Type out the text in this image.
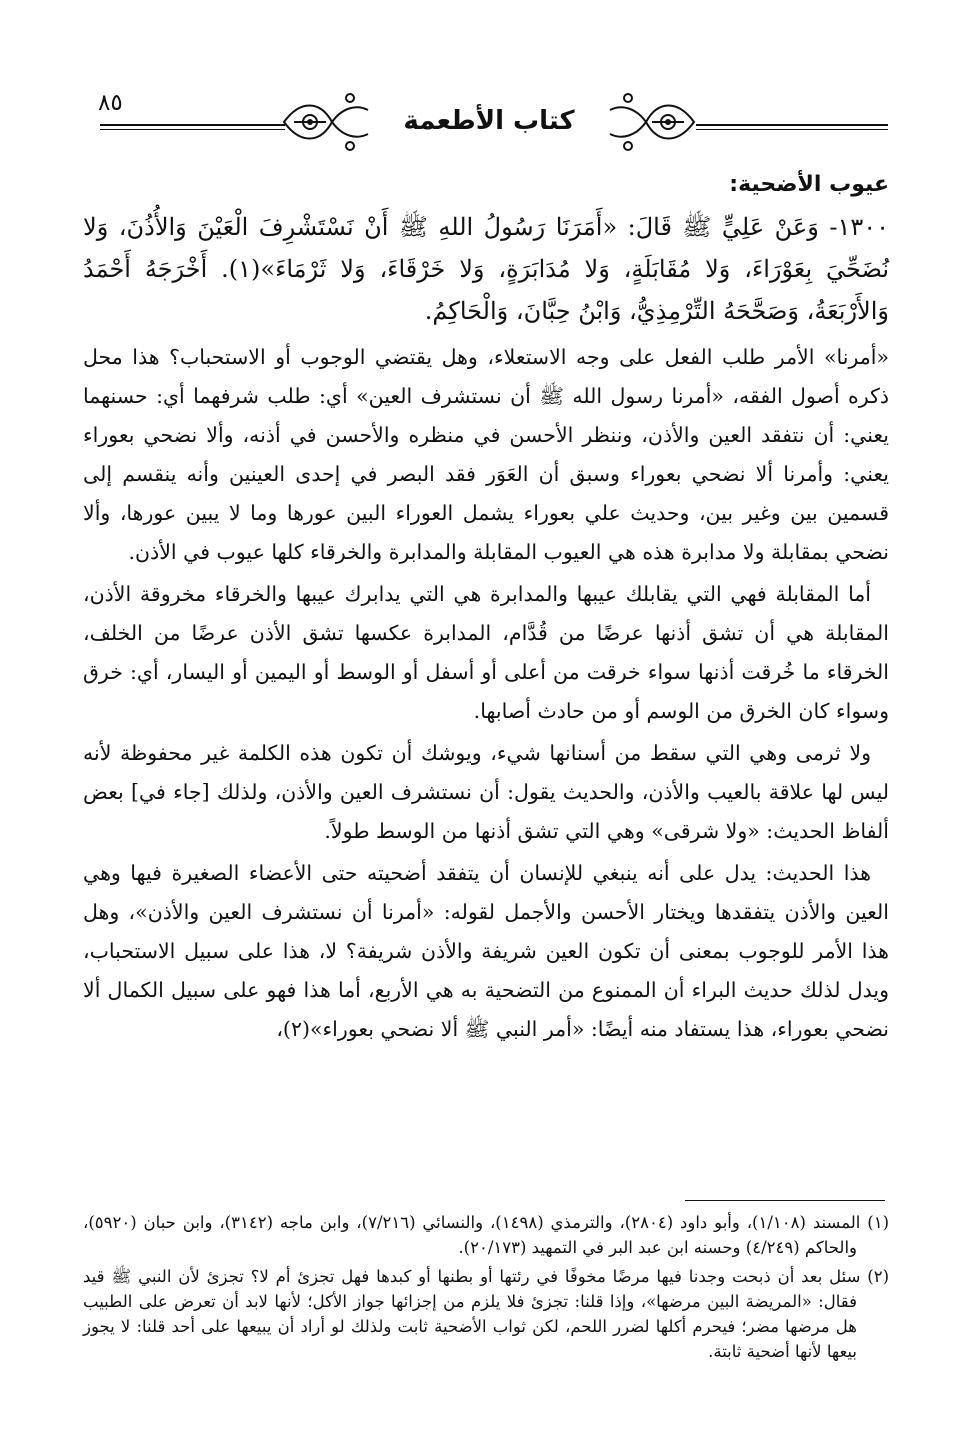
٨٥
كتاب الأطعمة

عيوب الأضحية:

١٣٠٠- وَعَنْ عَلِيٍّ ﷺ قَالَ: «أَمَرَنَا رَسُولُ اللهِ ﷺ أَنْ نَسْتَشْرِفَ الْعَيْنَ وَالأُذُنَ، وَلا نُضَحِّيَ بِعَوْرَاءَ، وَلا مُقَابَلَةٍ، وَلا مُدَابَرَةٍ، وَلا خَرْقَاءَ، وَلا ثَرْمَاءَ»(١). أَخْرَجَهُ أَحْمَدُ وَالأَرْبَعَةُ، وَصَحَّحَهُ التِّرْمِذِيُّ، وَابْنُ حِبَّانَ، وَالْحَاكِمُ.

«أمرنا» الأمر طلب الفعل على وجه الاستعلاء، وهل يقتضي الوجوب أو الاستحباب؟ هذا محل ذكره أصول الفقه، «أمرنا رسول الله ﷺ أن نستشرف العين» أي: طلب شرفهما أي: حسنهما يعني: أن نتفقد العين والأذن، وننظر الأحسن في منظره والأحسن في أذنه، وألا نضحي بعوراء يعني: وأمرنا ألا نضحي بعوراء وسبق أن العَوَر فقد البصر في إحدى العينين وأنه ينقسم إلى قسمين بين وغير بين، وحديث علي بعوراء يشمل العوراء البين عورها وما لا يبين عورها، وألا نضحي بمقابلة ولا مدابرة هذه هي العيوب المقابلة والمدابرة والخرقاء كلها عيوب في الأذن.

أما المقابلة فهي التي يقابلك عيبها والمدابرة هي التي يدابرك عيبها والخرقاء مخروقة الأذن، المقابلة هي أن تشق أذنها عرضًا من قُدَّام، المدابرة عكسها تشق الأذن عرضًا من الخلف، الخرقاء ما خُرقت أذنها سواء خرقت من أعلى أو أسفل أو الوسط أو اليمين أو اليسار، أي: خرق وسواء كان الخرق من الوسم أو من حادث أصابها.

ولا ثرمى وهي التي سقط من أسنانها شيء، ويوشك أن تكون هذه الكلمة غير محفوظة لأنه ليس لها علاقة بالعيب والأذن، والحديث يقول: أن نستشرف العين والأذن، ولذلك [جاء في] بعض ألفاظ الحديث: «ولا شرقى» وهي التي تشق أذنها من الوسط طولاً.

هذا الحديث: يدل على أنه ينبغي للإنسان أن يتفقد أضحيته حتى الأعضاء الصغيرة فيها وهي العين والأذن يتفقدها ويختار الأحسن والأجمل لقوله: «أمرنا أن نستشرف العين والأذن»، وهل هذا الأمر للوجوب بمعنى أن تكون العين شريفة والأذن شريفة؟ لا، هذا على سبيل الاستحباب، ويدل لذلك حديث البراء أن الممنوع من التضحية به هي الأربع، أما هذا فهو على سبيل الكمال ألا نضحي بعوراء، هذا يستفاد منه أيضًا: «أمر النبي ﷺ ألا نضحي بعوراء»(٢)،

(١) المسند (١/١٠٨)، وأبو داود (٢٨٠٤)، والترمذي (١٤٩٨)، والنسائي (٧/٢١٦)، وابن ماجه (٣١٤٢)، وابن حبان (٥٩٢٠)، والحاكم (٤/٢٤٩) وحسنه ابن عبد البر في التمهيد (٢٠/١٧٣).

(٢) سئل بعد أن ذبحت وجدنا فيها مرضًا مخوفًا في رئتها أو بطنها أو كبدها فهل تجزئ أم لا؟ تجزئ لأن النبي ﷺ قيد فقال: «المريضة البين مرضها»، وإذا قلنا: تجزئ فلا يلزم من إجزائها جواز الأكل؛ لأنها لابد أن تعرض على الطبيب هل مرضها مضر؛ فيحرم أكلها لضرر اللحم، لكن ثواب الأضحية ثابت ولذلك لو أراد أن يبيعها على أحد قلنا: لا يجوز بيعها لأنها أضحية ثابتة.
